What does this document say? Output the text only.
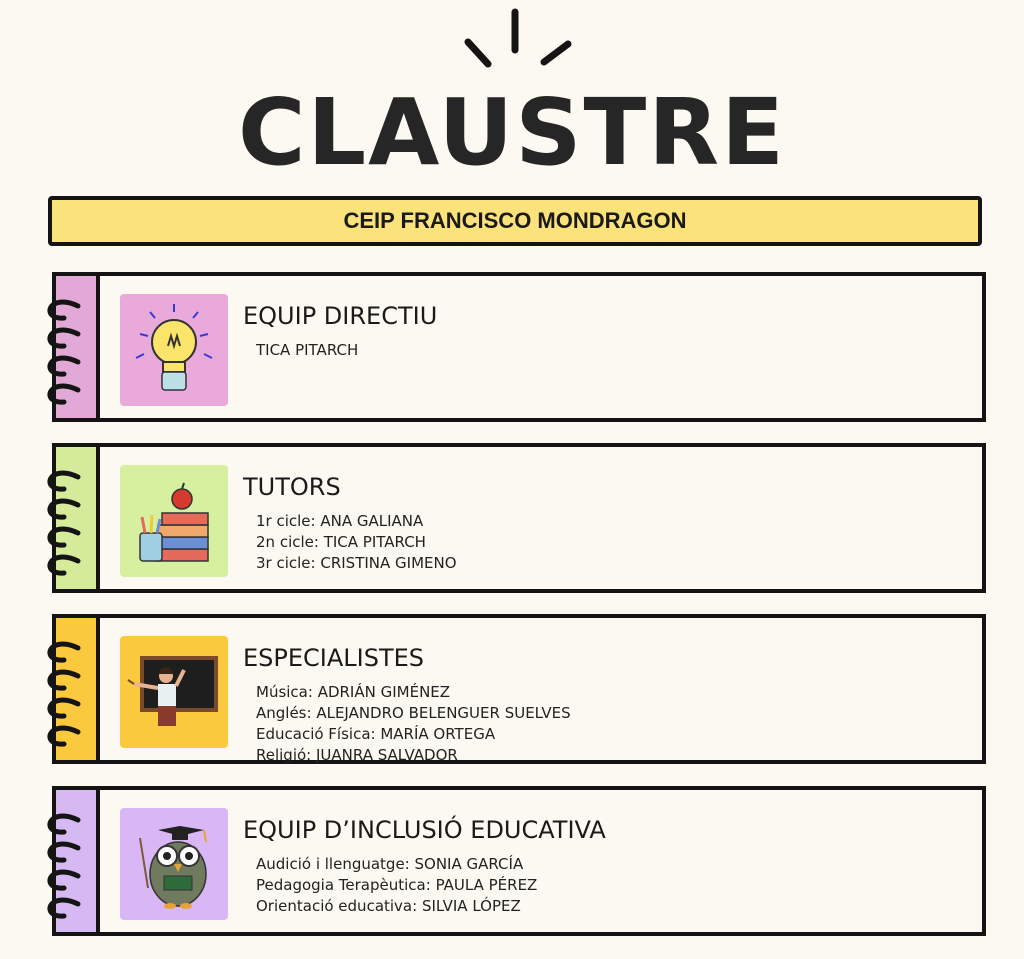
CLAUSTRE
CEIP FRANCISCO MONDRAGON
EQUIP DIRECTIU
TICA PITARCH
TUTORS
1r cicle: ANA GALIANA
2n cicle: TICA PITARCH
3r cicle: CRISTINA GIMENO
ESPECIALISTES
Música: ADRIÁN GIMÉNEZ
Anglés: ALEJANDRO BELENGUER SUELVES
Educació Física: MARÍA ORTEGA
Religió: JUANRA SALVADOR
EQUIP D’INCLUSIÓ EDUCATIVA
Audició i llenguatge: SONIA GARCÍA
Pedagogia Terapèutica: PAULA PÉREZ
Orientació educativa: SILVIA LÓPEZ
